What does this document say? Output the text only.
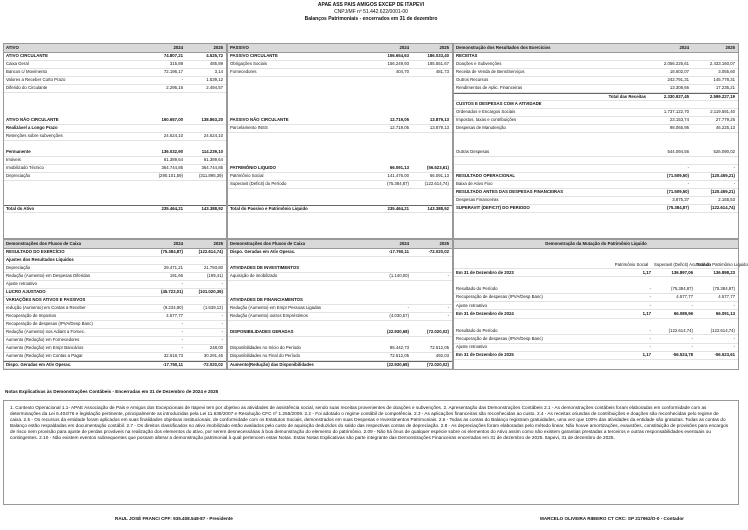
APAE ASS PAIS AMIGOS EXCEP DE ITAPEVI
CNPJ/MF nº 51.442.622/0001-00
Balanços Patrimoniais - encerrados em 31 de dezembro
ATIVO	2024	2025
ATIVO CIRCULANTE	74.807,21	4.525,72
Caixa Geral	315,88	485,89
Bancos c/ Movimento	72.196,17	3,14
Valores a Receber Curto Prazo	-	1.539,12
Diferido do Circulante	2.295,16	2.494,57
ATIVO NÃO CIRCULANTE	160.657,00	138.863,20
Realizável a Longo Prazo
Retenções sobre subvenções	24.624,10	24.624,10
Permanente	136.032,90	114.239,10
Imóveis	61.389,64	61.389,64
Imobilizado Técnico	364.744,85	364.744,85
Depreciação	(290.101,59)	(311.895,39)
Total do Ativo	235.464,21	143.388,92
PASSIVO	2024	2025
PASSIVO CIRCULANTE	156.654,63	186.033,40
Obrigações Sociais	156.249,93	185.551,67
Fornecedores	404,70	481,73
PASSIVO NÃO CIRCULANTE	12.719,05	13.879,13
Parcelamento INSS	12.719,05	13.879,13
PATRIMÔNIO LIQUIDO	66.091,13	(56.523,61)
Patrimônio Social	141.476,00	66.091,13
Superavit (Deficit) do Período	(75.384,87)	(122.614,74)
Total do Passivo e Patrimônio Liquido	235.464,21	143.388,92
Demonstração dos Resultados dos Exercícios	2024	2025
RECEITAS
Doações e Subvenções	2.056.226,61	2.433.160,07
Receita de Venda de Bens/Serviços	18.602,07	3.055,60
Outros Recursos	242.791,31	145.778,31
Rendimentos de Aplic. Financeiras	13.308,66	17.235,21
Total das Receitas	2.330.927,45	2.599.227,19
CUSTOS E DESPESAS COM A ATIVIDADE
Ordenados e Encargos Sociais	1.737.122,70	2.119.591,40
Impostos, taxas e contribuições	23.153,74	27.779,25
Despesas de Manutenção	98.065,95	46.225,13
Outras Despesas	544.094,56	526.090,02
-	-
RESULTADO OPERACIONAL	(71.509,50)	(120.459,21)
Baixa de Ativo Fixo	-	-
RESULTADO ANTES DAS DESPESAS FINANCEIRAS	(71.509,50)	(120.459,21)
Despesas Financeiras	3.875,37	2.155,53
SUPERAVIT (DEFICIT) DO PERIODO	(75.384,87)	(122.614,74)
Demonstrações dos Fluxos de Caixa	2024	2025
RESULTADO DO EXERCÍCIO	(75.384,87)	(122.614,74)
Ajustes dos Resultados Líquidos
Depreciação	29.471,21	21.793,80
Redução (Aumento) em Despesas Diferidas	191,66	(199,41)
Ajuste retroativo	-	-
LUCRO AJUSTADO	(45.722,01)	(101.020,36)
VARIAÇÕES NOS ATIVOS E PASSIVOS
redução (Aumento) em Contas a Receber	(9.234,80)	(1.539,12)
Recuperação de Impostos	4.577,77	-
Recuperação de despesas (IPVA/Desp Banc)	-	-
Redução (Aumento) nos Adiant a Fornec.	-	-
Aumento (Redução) em Fornecedores	-	-
Aumento (Redução) em Empr Bancários	-	248,00
Aumento (Redução) em Contas a Pagar	32.618,73	30.291,45
Dispo. Geradas em Ativ Operac.	-17.760,11	-72.020,02
Demonstrações dos Fluxos de Caixa	2024	2025
Dispo. Geradas em Ativ Operac.	-17.760,11	-72.020,02
ATIVIDADES DE INVESTIMENTOS
Aquisição de imobilizado	(1.140,00)	-
ATIVIDADES DE FINANCIAMENTOS
Redução (Aumento) em Empr Pessoas Ligadas	-	-
Redução (Aumento) outros Empréstimos	(4.030,57)	-
DISPONIBILIDADES GERADAS	(22.930,68)	(72.020,02)
Disponibilidades no Início do Período	95.442,73	72.512,05
Disponibilidades no Final do Período	72.512,05	492,03
Aumento(Redução) das Disponibilidades	(22.930,68)	(72.020,02)
Demonstração da Mutação do Patrimônio Liquido
Patrimônio Social	Superavit (Deficit) Acumulado
Total do Patrimônio Liquido
Em 31 de Dezembro de 2023	1,17	136.897,06	136.898,23
Resultado do Período	-	(75.384,87)	(75.384,87)
Recuperação de despesas (IPVA/Desp Banc)	-	4.577,77	4.577,77
Ajuste retroativo	-	-	-
Em 31 de Dezembro de 2024	1,17	66.089,96	66.091,13
Resultado do Período	-	(122.614,74)	(122.614,74)
Recuperação de despesas (IPVA/Desp Banc)	-	-	-
Ajuste retroativo	-	-	-
Em 31 de Dezembro de 2025	1,17	-56.524,78	-56.523,61
Notas Explicativas às Demonstrações Contábeis - Encerradas em 31 de Dezembro de 2024 e 2025
1. Contexto Operacional 1.1- APAE Associação de Pais e Amigos dos Excepcionais de Itapevi tem por objetivo as atividades de assistência social, sendo suas receitas provenientes de doações e subvenções. 2. Apresentação das Demonstrações Contábeis 2.1 - As demonstrações contábeis foram elaboradas em conformidade com as determinações da Lei 6.404/76 e legislação pertinente, principalmente as introduzidas pela Lei 11.638/2007 e Resolução CFC nº 1.255/2009. 2.2 - Foi adotado o regime contábil de competência. 2.3 - As aplicações financeiras são reconhecidas ao custo. 2.4 - As receitas oriundas de contribuições e doações são reconhecidas pelo regime de caixa. 2.5 - Os recursos da entidade foram aplicados em suas finalidades objetivas institucionais, de conformidade com os Estatutos Sociais, demonstrados em suas Despesas e Investimentos Patrimoniais. 2.6 - Todas as contas do Balanço registram gratuidades, uma vez que 100% das atividades da entidade são gratuitas. Todas as contas do Balanço estão respaldadas em documentação contábil. 2.7 - Os direitos classificados no ativo imobilizado estão avaliados pelo custo de aquisição deduzidos do saldo das respectivas contas de depreciação. 2.8 - As depreciações foram elaboradas pelo método linear. Não houve amortizações, exaustões, constituição de provisões para encargos de risco nem provisão para ajuste de perdas prováveis na realização dos elementos do ativo, por serem desnecessárias à boa demonstração do elemento do patrimônio. 2.09 - Não há ônus de qualquer espécie sobre os elementos do Ativo assim como não existem garantias prestadas a terceiros e outras responsabilidades eventuais ou contingentes. 2.10 - Não existem eventos subsequentes que possam alterar a demonstração patrimonial à qual pertencem estas Notas. Estas Notas Explicativas são parte integrante das Demonstrações Financeiras encerradas em 31 de dezembro de 2025. Itapevi, 31 de dezembro de 2025.
RAUL JOSÉ FRANCI CPF: 935.408.548-87 - Presidente	MARCELO OLIVEIRA RIBEIRO CT CRC: SP 217962/O-0 - Contador
